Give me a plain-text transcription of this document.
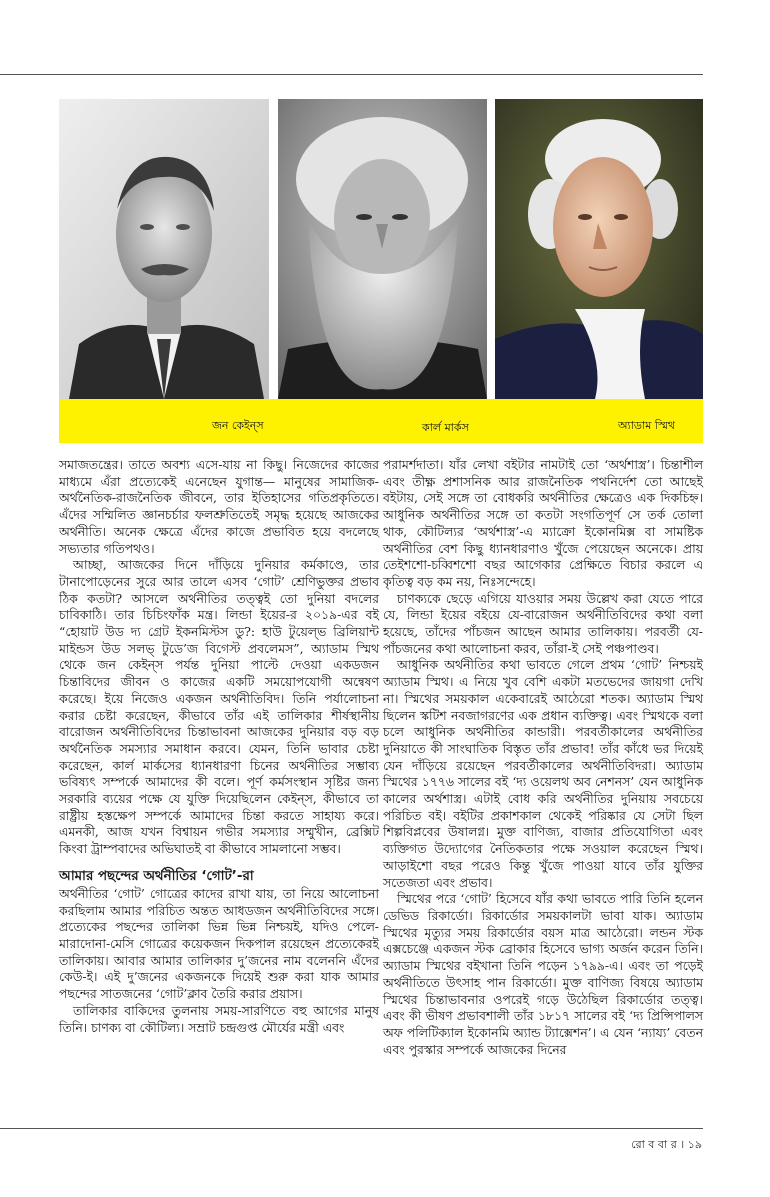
জন কেইন্‌স	কার্ল মার্কস	অ্যাডাম স্মিথ

সমাজতন্ত্রের। তাতে অবশ্য এসে-যায় না কিছু। নিজেদের কাজের মাধ্যমে এঁরা প্রত্যেকেই এনেছেন যুগান্ত— মানুষের সামাজিক-অর্থনৈতিক-রাজনৈতিক জীবনে, তার ইতিহাসের গতিপ্রকৃতিতে। এঁদের সম্মিলিত জ্ঞানচর্চার ফলশ্রুতিতেই সমৃদ্ধ হয়েছে আজকের অর্থনীতি। অনেক ক্ষেত্রে এঁদের কাজে প্রভাবিত হয়ে বদলেছে সভ্যতার গতিপথও।

আচ্ছা, আজকের দিনে দাঁড়িয়ে দুনিয়ার কর্মকাণ্ডে, তার টানাপোড়েনের সুরে আর তালে এসব ‘গোট’ শ্রেণিভুক্তর প্রভাব ঠিক কতটা? আসলে অর্থনীতির তত্ত্বই তো দুনিয়া বদলের চাবিকাঠি। তার চিচিংফাঁক মন্ত্র। লিন্ডা ইয়ের-র ২০১৯-এর বই “হোয়াট উড দ্য গ্রেট ইকনমিস্টস ডু?: হাউ টুয়েল্‌ভ ব্রিলিয়ান্ট মাইন্ডস উড সলভ্‌ টুডে’জ বিগেস্ট প্রবলেমস”, অ্যাডাম স্মিথ থেকে জন কেইন্‌স পর্যন্ত দুনিয়া পাল্টে দেওয়া একডজন চিন্তাবিদের জীবন ও কাজের একটি সময়োপযোগী অন্বেষণ করেছে। ইয়ে নিজেও একজন অর্থনীতিবিদ। তিনি পর্যালোচনা করার চেষ্টা করেছেন, কীভাবে তাঁর এই তালিকার শীর্ষস্থানীয় বারোজন অর্থনীতিবিদের চিন্তাভাবনা আজকের দুনিয়ার বড় বড় অর্থনৈতিক সমস্যার সমাধান করবে। যেমন, তিনি ভাবার চেষ্টা করেছেন, কার্ল মার্কসের ধ্যানধারণা চিনের অর্থনীতির সম্ভাব্য ভবিষ্যৎ সম্পর্কে আমাদের কী বলে। পূর্ণ কর্মসংস্থান সৃষ্টির জন্য সরকারি ব্যয়ের পক্ষে যে যুক্তি দিয়েছিলেন কেইন্‌স, কীভাবে তা রাষ্ট্রীয় হস্তক্ষেপ সম্পর্কে আমাদের চিন্তা করতে সাহায্য করে। এমনকী, আজ যখন বিশ্বায়ন গভীর সমস্যার সম্মুখীন, ব্রেক্সিট কিংবা ট্রাম্পবাদের অভিঘাতই বা কীভাবে সামলানো সম্ভব।

আমার পছন্দের অর্থনীতির ‘গোট’-রা

অর্থনীতির ‘গোট’ গোত্রের কাদের রাখা যায়, তা নিয়ে আলোচনা করছিলাম আমার পরিচিত অন্তত আধডজন অর্থনীতিবিদের সঙ্গে। প্রত্যেকের পছন্দের তালিকা ভিন্ন ভিন্ন নিশ্চয়ই, যদিও পেলে-মারাদোনা-মেসি গোত্রের কয়েকজন দিকপাল রয়েছেন প্রত্যেকেরই তালিকায়। আবার আমার তালিকার দু’জনের নাম বলেননি এঁদের কেউ-ই। এই দু’জনের একজনকে দিয়েই শুরু করা যাক আমার পছন্দের সাতজনের ‘গোট’ক্লাব তৈরি করার প্রয়াস।

তালিকার বাকিদের তুলনায় সময়-সারণিতে বহু আগের মানুষ তিনি। চাণক্য বা কৌটিল্য। সম্রাট চন্দ্রগুপ্ত মৌর্যের মন্ত্রী এবং

পরামর্শদাতা। যাঁর লেখা বইটার নামটাই তো ‘অর্থশাস্ত্র’। চিন্তাশীল এবং তীক্ষ্ণ প্রশাসনিক আর রাজনৈতিক পথনির্দেশ তো আছেই বইটায়, সেই সঙ্গে তা বোধকরি অর্থনীতির ক্ষেত্রেও এক দিকচিহ্ন। আধুনিক অর্থনীতির সঙ্গে তা কতটা সংগতিপূর্ণ সে তর্ক তোলা থাক, কৌটিল্যর ‘অর্থশাস্ত্র’-এ ম্যাক্রো ইকোনমিক্স বা সামষ্টিক অর্থনীতির বেশ কিছু ধ্যানধারণাও খুঁজে পেয়েছেন অনেকে। প্রায় তেইশশো-চব্বিশশো বছর আগেকার প্রেক্ষিতে বিচার করলে এ কৃতিত্ব বড় কম নয়, নিঃসন্দেহে।

চাণক্যকে ছেড়ে এগিয়ে যাওয়ার সময় উল্লেখ করা যেতে পারে যে, লিন্ডা ইয়ের বইয়ে যে-বারোজন অর্থনীতিবিদের কথা বলা হয়েছে, তাঁদের পাঁচজন আছেন আমার তালিকায়। পরবর্তী যে-পাঁচজনের কথা আলোচনা করব, তাঁরা-ই সেই পঞ্চপাণ্ডব।

আধুনিক অর্থনীতির কথা ভাবতে গেলে প্রথম ‘গোট’ নিশ্চয়ই অ্যাডাম স্মিথ। এ নিয়ে খুব বেশি একটা মতভেদের জায়গা দেখি না। স্মিথের সময়কাল একেবারেই আঠেরো শতক। অ্যাডাম স্মিথ ছিলেন স্কটিশ নবজাগরণের এক প্রধান ব্যক্তিত্ব। এবং স্মিথকে বলা চলে আধুনিক অর্থনীতির কান্ডারী। পরবর্তীকালের অর্থনীতির দুনিয়াতে কী সাংঘাতিক বিস্তৃত তাঁর প্রভাব! তাঁর কাঁধে ভর দিয়েই যেন দাঁড়িয়ে রয়েছেন পরবর্তীকালের অর্থনীতিবিদরা। অ্যাডাম স্মিথের ১৭৭৬ সালের বই ‘দ্য ওয়েলথ অব নেশনস’ যেন আধুনিক কালের অর্থশাস্ত্র। এটাই বোধ করি অর্থনীতির দুনিয়ায় সবচেয়ে পরিচিত বই। বইটির প্রকাশকাল থেকেই পরিষ্কার যে সেটা ছিল শিল্পবিপ্লবের উষালগ্ন। মুক্ত বাণিজ্য, বাজার প্রতিযোগিতা এবং ব্যক্তিগত উদ্যোগের নৈতিকতার পক্ষে সওয়াল করেছেন স্মিথ। আড়াইশো বছর পরেও কিন্তু খুঁজে পাওয়া যাবে তাঁর যুক্তির সতেজতা এবং প্রভাব।

স্মিথের পরে ‘গোট’ হিসেবে যাঁর কথা ভাবতে পারি তিনি হলেন ডেভিড রিকার্ডো। রিকার্ডোর সময়কালটা ভাবা যাক। অ্যাডাম স্মিথের মৃত্যুর সময় রিকার্ডোর বয়স মাত্র আঠেরো। লন্ডন স্টক এক্সচেঞ্জে একজন স্টক ব্রোকার হিসেবে ভাগ্য অর্জন করেন তিনি। অ্যাডাম স্মিথের বইখানা তিনি পড়েন ১৭৯৯-এ। এবং তা পড়েই অর্থনীতিতে উৎসাহ পান রিকার্ডো। মুক্ত বাণিজ্য বিষয়ে অ্যাডাম স্মিথের চিন্তাভাবনার ওপরেই গড়ে উঠেছিল রিকার্ডোর তত্ত্ব। এবং কী ভীষণ প্রভাবশালী তাঁর ১৮১৭ সালের বই ‘দ্য প্রিন্সিপালস অফ পলিটিক্যাল ইকোনমি অ্যান্ড ট্যাক্সেশন’। এ যেন ‘ন্যায্য’ বেতন এবং পুরস্কার সম্পর্কে আজকের দিনের

রো ব বা র । ১৯
